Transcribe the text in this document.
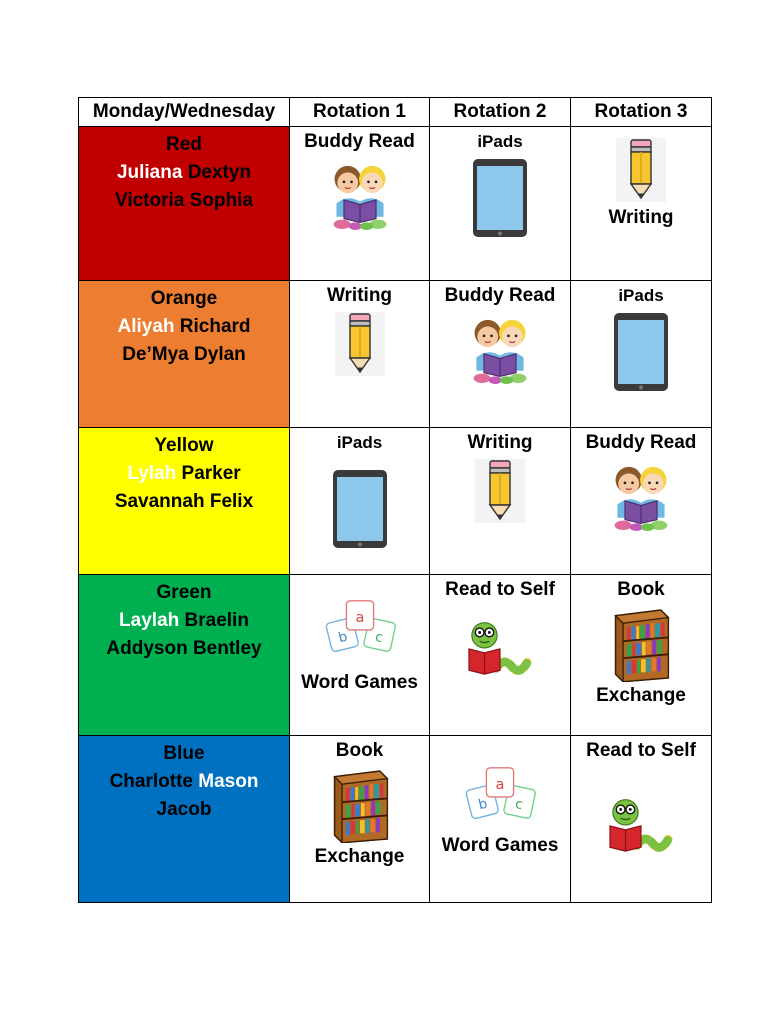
Monday/Wednesday	Rotation 1	Rotation 2	Rotation 3

Red
Juliana Dextyn
Victoria Sophia	Buddy Read	iPads	Writing

Orange
Aliyah Richard
De’Mya Dylan	Writing	Buddy Read	iPads

Yellow
Lylah Parker
Savannah Felix	iPads	Writing	Buddy Read

Green
Laylah Braelin
Addyson Bentley	Word Games	Read to Self	Book
Exchange

Blue
Charlotte Mason
Jacob	Book
Exchange	Word Games	Read to Self
